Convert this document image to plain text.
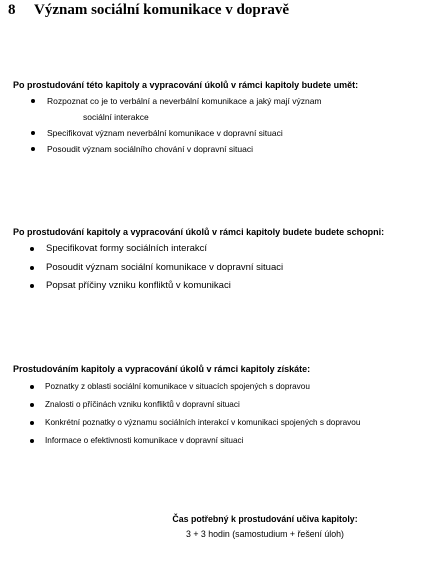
8 Význam sociální komunikace v dopravě
Po prostudování této kapitoly a vypracování úkolů v rámci kapitoly budete umět:
Rozpoznat co je to verbální a neverbální komunikace a jaký mají význam
sociální interakce
Specifikovat význam neverbální komunikace v dopravní situaci
Posoudit význam sociálního chování v dopravní situaci
Po prostudování kapitoly a vypracování úkolů v rámci kapitoly budete budete schopni:
Specifikovat formy sociálních interakcí
Posoudit význam sociální komunikace v dopravní situaci
Popsat příčiny vzniku konfliktů v komunikaci
Prostudováním kapitoly a vypracování úkolů v rámci kapitoly získáte:
Poznatky z oblasti sociální komunikace v situacích spojených s dopravou
Znalosti o příčinách vzniku konfliktů v dopravní situaci
Konkrétní poznatky o významu sociálních interakcí v komunikaci spojených s dopravou
Informace o efektivnosti komunikace v dopravní situaci
Čas potřebný k prostudování učiva kapitoly:
3 + 3 hodin (samostudium + řešení úloh)
